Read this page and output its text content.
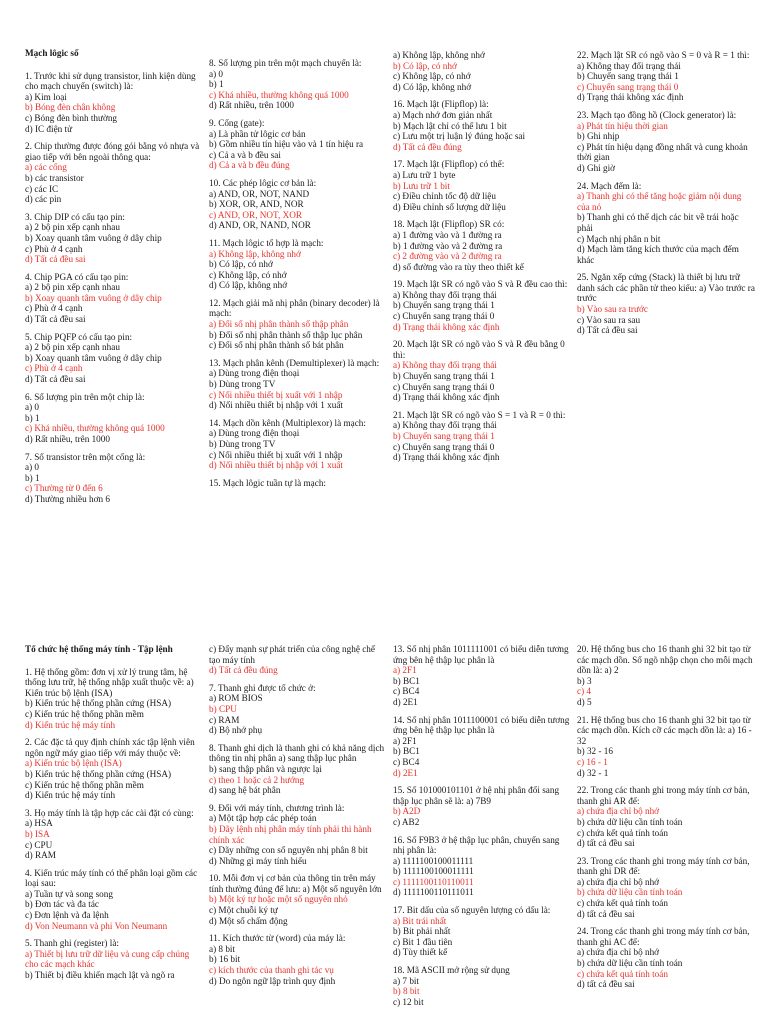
Mạch lôgic số
1. Trước khi sử dụng transistor, linh kiện dùng cho mạch chuyển (switch) là:
a) Kim loại
b) Bóng đèn chân không
c) Bóng đèn bình thường
d) IC điện tử
2. Chip thường được đóng gói bằng vỏ nhựa và giao tiếp với bên ngoài thông qua:
a) các cổng
b) các transistor
c) các IC
d) các pin
3. Chip DIP có cấu tạo pin:
a) 2 bộ pin xếp cạnh nhau
b) Xoay quanh tâm vuông ở dây chip
c) Phù ở 4 cạnh
d) Tất cả đều sai
4. Chip PGA có cấu tạo pin:
a) 2 bộ pin xếp cạnh nhau
b) Xoay quanh tâm vuông ở dây chip
c) Phù ở 4 cạnh
d) Tất cả đều sai
5. Chip PQFP có cấu tạo pin:
a) 2 bộ pin xếp cạnh nhau
b) Xoay quanh tâm vuông ở dây chip
c) Phù ở 4 cạnh
d) Tất cả đều sai
6. Số lượng pin trên một chip là:
a) 0
b) 1
c) Khá nhiều, thường không quá 1000
d) Rất nhiều, trên 1000
7. Số transistor trên một cổng là:
a) 0
b) 1
c) Thường từ 0 đến 6
d) Thường nhiều hơn 6
8. Số lượng pin trên một mạch chuyển là:
a) 0
b) 1
c) Khá nhiều, thường không quá 1000
d) Rất nhiều, trên 1000
9. Cổng (gate):
a) Là phần tử lôgic cơ bản
b) Gồm nhiều tín hiệu vào và 1 tín hiệu ra
c) Cả a và b đều sai
d) Cả a và b đều đúng
10. Các phép lôgic cơ bản là:
a) AND, OR, NOT, NAND
b) XOR, OR, AND, NOR
c) AND, OR, NOT, XOR
d) AND, OR, NAND, NOR
11. Mạch lôgic tổ hợp là mạch:
a) Không lập, không nhớ
b) Có lập, có nhớ
c) Không lập, có nhớ
d) Có lập, không nhớ
12. Mạch giải mã nhị phân (binary decoder) là mạch:
a) Đổi số nhị phân thành số thập phân
b) Đổi số nhị phân thành số thập lục phân
c) Đổi số nhị phân thành số bát phân
13. Mạch phân kênh (Demultiplexer) là mạch:
a) Dùng trong điện thoại
b) Dùng trong TV
c) Nối nhiều thiết bị xuất với 1 nhập
d) Nối nhiều thiết bị nhập với 1 xuất
14. Mạch dồn kênh (Multiplexor) là mạch:
a) Dùng trong điện thoại
b) Dùng trong TV
c) Nối nhiều thiết bị xuất với 1 nhập
d) Nối nhiều thiết bị nhập với 1 xuất
15. Mạch lôgic tuần tự là mạch:
a) Không lập, không nhớ
b) Có lập, có nhớ
c) Không lập, có nhớ
d) Có lập, không nhớ
16. Mạch lật (Flipflop) là:
a) Mạch nhớ đơn giản nhất
b) Mạch lật chỉ có thể lưu 1 bit
c) Lưu một trị luận lý đúng hoặc sai
d) Tất cả đều đúng
17. Mạch lật (Flipflop) có thể:
a) Lưu trữ 1 byte
b) Lưu trữ 1 bit
c) Điều chỉnh tốc độ dữ liệu
d) Điều chỉnh số lượng dữ liệu
18. Mạch lật (Flipflop) SR có:
a) 1 đường vào và 1 đường ra
b) 1 đường vào và 2 đường ra
c) 2 đường vào và 2 đường ra
d) số đường vào ra tùy theo thiết kế
19. Mạch lật SR có ngõ vào S và R đều cao thì:
a) Không thay đổi trạng thái
b) Chuyển sang trạng thái 1
c) Chuyển sang trạng thái 0
d) Trạng thái không xác định
20. Mạch lật SR có ngõ vào S và R đều bằng 0 thì:
a) Không thay đổi trạng thái
b) Chuyển sang trạng thái 1
c) Chuyển sang trạng thái 0
d) Trạng thái không xác định
21. Mạch lật SR có ngõ vào S = 1 và R = 0 thì:
a) Không thay đổi trạng thái
b) Chuyển sang trạng thái 1
c) Chuyển sang trạng thái 0
d) Trạng thái không xác định
22. Mạch lật SR có ngõ vào S = 0 và R = 1 thì:
a) Không thay đổi trạng thái
b) Chuyển sang trạng thái 1
c) Chuyển sang trạng thái 0
d) Trạng thái không xác định
23. Mạch tạo đồng hồ (Clock generator) là:
a) Phát tín hiệu thời gian
b) Ghi nhịp
c) Phát tín hiệu dạng đồng nhất và cung khoản thời gian
d) Ghi giờ
24. Mạch đếm là:
a) Thanh ghi có thể tăng hoặc giảm nội dung của nó
b) Thanh ghi có thể dịch các bit về trái hoặc phải
c) Mạch nhị phân n bit
d) Mạch làm tăng kích thước của mạch đếm khác
25. Ngăn xếp cứng (Stack) là thiết bị lưu trữ danh sách các phần tử theo kiểu: a) Vào trước ra trước
b) Vào sau ra trước
c) Vào sau ra sau
d) Tất cả đều sai
Tổ chức hệ thống máy tính - Tập lệnh
1. Hệ thống gồm: đơn vị xử lý trung tâm, hệ thống lưu trữ, hệ thống nhập xuất thuộc về: a) Kiến trúc bộ lệnh (ISA)
b) Kiến trúc hệ thống phần cứng (HSA)
c) Kiến trúc hệ thống phần mềm
d) Kiến trúc hệ máy tính
2. Các đặc tả quy định chính xác tập lệnh viên ngôn ngữ máy giao tiếp với máy thuộc về:
a) Kiến trúc bộ lệnh (ISA)
b) Kiến trúc hệ thống phần cứng (HSA)
c) Kiến trúc hệ thống phần mềm
d) Kiến trúc hệ máy tính
3. Họ máy tính là tập hợp các cài đặt có cùng:
a) HSA
b) ISA
c) CPU
d) RAM
4. Kiến trúc máy tính có thể phân loại gồm các loại sau:
a) Tuần tự và song song
b) Đơn tác và đa tác
c) Đơn lệnh và đa lệnh
d) Von Neumann và phi Von Neumann
5. Thanh ghi (register) là:
a) Thiết bị lưu trữ dữ liệu và cung cấp chúng cho các mạch khác
b) Thiết bị điều khiển mạch lật và ngõ ra
c) Đẩy mạnh sự phát triển của công nghệ chế tạo máy tính
d) Tất cả đều đúng
7. Thanh ghi được tổ chức ở:
a) ROM BIOS
b) CPU
c) RAM
d) Bộ nhớ phụ
8. Thanh ghi dịch là thanh ghi có khả năng dịch thông tin nhị phân a) sang thập lục phân
b) sang thập phân và ngược lại
c) theo 1 hoặc cả 2 hướng
d) sang hệ bát phân
9. Đối với máy tính, chương trình là:
a) Một tập hợp các phép toán
b) Dãy lệnh nhị phân máy tính phải thi hành chính xác
c) Dãy những con số nguyên nhị phân 8 bit
d) Những gì máy tính hiểu
10. Mỗi đơn vị cơ bản của thông tin trên máy tính thường đúng để lưu: a) Một số nguyên lớn
b) Một ký tự hoặc một số nguyên nhỏ
c) Một chuỗi ký tự
d) Một số chấm động
11. Kích thước từ (word) của máy là:
a) 8 bit
b) 16 bit
c) kích thước của thanh ghi tác vụ
d) Do ngôn ngữ lập trình quy định
13. Số nhị phân 1011111001 có biểu diễn tương ứng bên hệ thập lục phân là
a) 2F1
b) BC1
c) BC4
d) 2E1
14. Số nhị phân 1011100001 có biểu diễn tương ứng bên hệ thập lục phân là
a) 2F1
b) BC1
c) BC4
d) 2E1
15. Số 101000101101 ở hệ nhị phân đổi sang thập lục phân sẽ là: a) 7B9
b) A2D
c) AB2
16. Số F9B3 ở hệ thập lục phân, chuyển sang nhị phân là:
a) 1111100100011111
b) 1111100100011111
c) 1111100110110011
d) 1111100110111011
17. Bit dấu của số nguyên lượng có dấu là:
a) Bit trái nhất
b) Bit phải nhất
c) Bit 1 đầu tiên
d) Tùy thiết kế
18. Mã ASCII mở rộng sử dụng
a) 7 bit
b) 8 bit
c) 12 bit
20. Hệ thống bus cho 16 thanh ghi 32 bit tạo từ các mạch dồn. Số ngõ nhập chọn cho mỗi mạch dồn là: a) 2
b) 3
c) 4
d) 5
21. Hệ thống bus cho 16 thanh ghi 32 bit tạo từ các mạch dồn. Kích cỡ các mạch dồn là: a) 16 - 32
b) 32 - 16
c) 16 - 1
d) 32 - 1
22. Trong các thanh ghi trong máy tính cơ bản, thanh ghi AR để:
a) chứa địa chỉ bộ nhớ
b) chứa dữ liệu cần tính toán
c) chứa kết quả tính toán
d) tất cả đều sai
23. Trong các thanh ghi trong máy tính cơ bản, thanh ghi DR để:
a) chứa địa chỉ bộ nhớ
b) chứa dữ liệu cần tính toán
c) chứa kết quả tính toán
d) tất cả đều sai
24. Trong các thanh ghi trong máy tính cơ bản, thanh ghi AC để:
a) chứa địa chỉ bộ nhớ
b) chứa dữ liệu cần tính toán
c) chứa kết quả tính toán
d) tất cả đều sai
